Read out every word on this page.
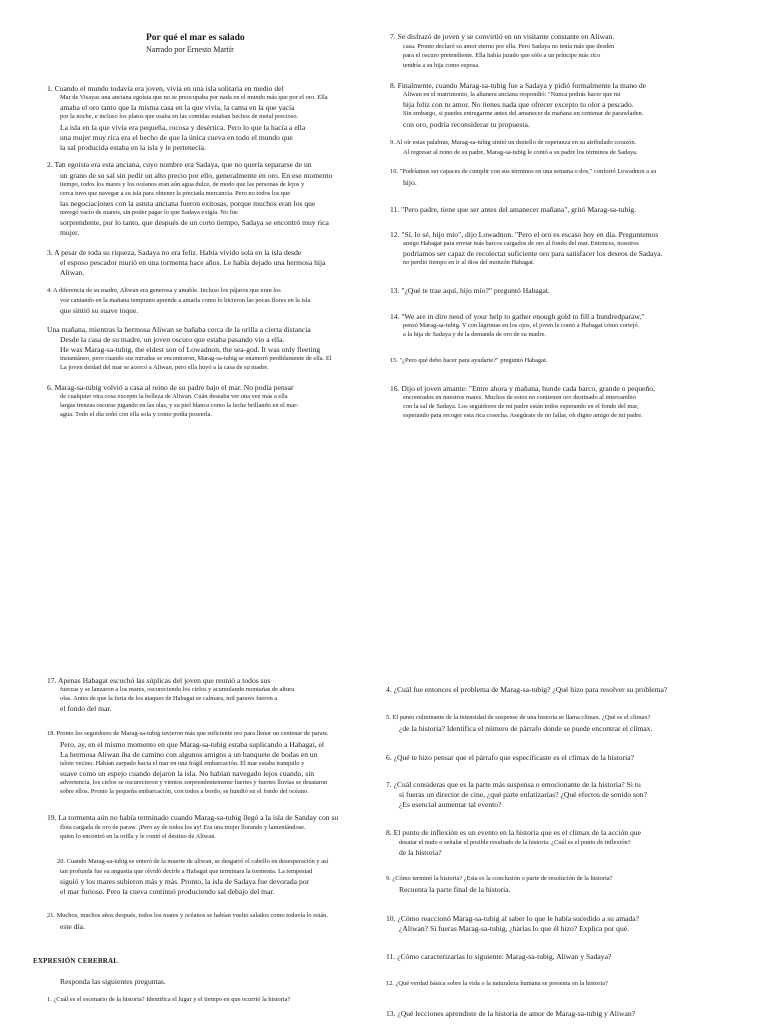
Por qué el mar es salado
Narrado por Ernesto Martír
1. Cuando el mundo todavía era joven, vivía en una isla solitaria en medio del
Mar de Visayas una anciana egoísta que no se preocupaba por nada en el mundo más que por el oro. Ella
amaba el oro tanto que la misma casa en la que vivía, la cama en la que yacía
por la noche, e incluso los platos que usaba en las comidas estaban hechos de metal precioso.
La isla en la que vivía era pequeña, rocosa y desértica. Pero lo que la hacía a ella
una mujer muy rica era el hecho de que la única cueva en todo el mundo que
la sal producida estaba en la isla y le pertenecía.
2. Tan egoísta era esta anciana, cuyo nombre era Sadaya, que no quería separarse de un
un grano de su sal sin pedir un alto precio por ello, generalmente en oro. En ese momento
tiempo, todos los mares y los océanos eran aún agua dulce, de modo que las personas de lejos y
cerca tuvo que navegar a su isla para obtener la preciada mercancía. Pero no todos los que
las negociaciones con la astuta anciana fueron exitosas, porque muchos eran los que
navegó vacío de manos, sin poder pagar lo que Sadaya exigía. No fue
sorprendente, por lo tanto, que después de un corto tiempo, Sadaya se encontró muy rica
mujer.
3. A pesar de toda su riqueza, Sadaya no era feliz. Había vivido sola en la isla desde
el esposo pescador murió en una tormenta hace años. Le había dejado una hermosa hija
Aliwan.
4. A diferencia de su madre, Aliwan era generosa y amable. Incluso los pájaros que eran los
voz cantando en la mañana temprano aprende a amarla como lo hicieron las pocas flores en la isla
que sintió su suave toque.
Una mañana, mientras la hermosa Aliwan se bañaba cerca de la orilla a cierta distancia
Desde la casa de su madre, un joven oscuro que estaba pasando vio a ella.
He was Marag-sa-tubig, the eldest son of Lowadnon, the sea-god. It was only fleeting
instantáneo, pero cuando sus miradas se encontraron, Marag-sa-tubig se enamoró perdidamente de ella. El
La joven deidad del mar se acercó a Aliwan, pero ella huyó a la casa de su madre.
6. Marag-sa-tubig volvió a casa al reino de su padre bajo el mar. No podía pensar
de cualquier otra cosa excepto la belleza de Aliwan. Cuán deseaba ver una vez más a ella
largas trenzas oscuras jugando en las olas, y su piel blanca como la leche brillando en el mar-
agua. Todo el día soñó con ella sola y como podía poseerla.
7. Se disfrazó de joven y se convirtió en un visitante constante en Aliwan.
casa. Pronto declaró su amor eterno por ella. Pero Sadaya no tenía más que desdén
para el oscuro pretendiente. Ella había jurado que sólo a un príncipe más rico
tendría a su hija como esposa.
8. Finalmente, cuando Marag-sa-tubig fue a Sadaya y pidió formalmente la mano de
Aliwan en el matrimonio, la altanera anciana respondió: "Nunca podrás hacer que mi
hija feliz con tu amor. No tienes nada que ofrecer excepto tu olor a pescado.
Sin embargo, si puedes entregarme antes del amanecer de mañana un centenar de parawladen.
con oro, podría reconsiderar tu propuesta.
9. Al oír estas palabras, Marag-sa-tubig sintió un destello de esperanza en su atribulado corazón.
Al regresar al reino de su padre, Marag-sa-tubig le contó a su padre los términos de Sadaya.
10. "Podríamos ser capaces de cumplir con sus términos en una semana o dos," confortó Lowadnon a su
hijo.
11. "Pero padre, tiene que ser antes del amanecer mañana", gritó Marag-sa-tubig.
12. "Sí, lo sé, hijo mío", dijo Lowadnon. "Pero el oro es escaso hoy en día. Preguntemos
amigo Habagat para enviar más barcos cargados de oro al fondo del mar. Entonces, nosotros
podríamos ser capaz de recolectar suficiente oro para satisfacer los deseos de Sadaya.
no perdió tiempo en ir al dios del monzón Habagat.
13. "¿Qué te trae aquí, hijo mío?" preguntó Habagat.
14. "We are in dire need of your help to gather enough gold to fill a hundredparaw,"
pensó Marag-sa-tubig. Y con lágrimas en los ojos, el joven le contó a Habagat cómo cortejó.
a la hija de Sadaya y de la demanda de oro de su madre.
15. "¿Pero qué debo hacer para ayudarte?" preguntó Habagat.
16. Dijo el joven amante: "Entre ahora y mañana, hunde cada barco, grande o pequeño,
encontrados en nuestros mares. Muchos de estos no contienen oro destinado al intercambio
con la sal de Sadaya. Los seguidores de mi padre están todos esperando en el fondo del mar,
esperando para recoger esta rica cosecha. Asegúrate de no fallar, oh digno amigo de mi padre.
17. Apenas Habagat escuchó las súplicas del joven que reunió a todos sus
fuerzas y se lanzaron a los mares, oscureciendo los cielos y acumulando montañas de altura
olas. Antes de que la furia de los ataques de Habagat se calmara, mil paraws fueron a
el fondo del mar.
18. Pronto los seguidores de Marag-sa-tubig tuvieron más que suficiente oro para llenar un centenar de paraw.
Pero, ay, en el mismo momento en que Marag-sa-tubig estaba suplicando a Habagat, el
La hermosa Aliwan iba de camino con algunos amigos a un banquete de bodas en un
islote vecino. Habían zarpado hacia el mar en una frágil embarcación. El mar estaba tranquilo y
suave como un espejo cuando dejaron la isla. No habían navegado lejos cuando, sin
advertencia, los cielos se oscurecieron y vientos sorprendentemente fuertes y fuertes lluvias se desataron
sobre ellos. Pronto la pequeña embarcación, con todos a bordo, se hundió en el fondo del océano.
19. La tormenta aún no había terminado cuando Marag-sa-tubig llegó a la isla de Sanday con su
flota cargada de oro de paraw. ¡Pero ay de todos los ay! Era una mujer llorando y lamentándose.
quien lo encontró en la orilla y le contó el destino de Aliwan.
20. Cuando Marag-sa-tubig se enteró de la muerte de aliwan, se desgarró el cabello en desesperación y así
tan profunda fue su angustia que olvidó decirle a Habagat que terminara la tormenta. La tempestad
siguió y los mares subieron más y más. Pronto, la isla de Sadaya fue devorada por
el mar furioso. Pero la cueva continuó produciendo sal debajo del mar.
21. Muchos, muchos años después, todos los mares y océanos se habían vuelto salados como todavía lo están.
este día.
EXPRESIÓN CEREBRAL
Responda las siguientes preguntas.
1. ¿Cuál es el escenario de la historia? Identifica el lugar y el tiempo en que ocurrió la historia?
4. ¿Cuál fue entonces el problema de Marag-sa-tubig? ¿Qué hizo para resolver su problema?
5. El punto culminante de la intensidad de suspense de una historia se llama clímax. ¿Qué es el clímax?
¿de la historia? Identifica el número de párrafo donde se puede encontrar el clímax.
6. ¿Qué te hizo pensar que el párrafo que especificaste es el clímax de la historia?
7. ¿Cuál consideras que es la parte más suspensa o emocionante de la historia? Si tu
si fueras un director de cine, ¿qué parte enfatizarías? ¿Qué efectos de sonido son?
¿Es esencial aumentar tal evento?
8. El punto de inflexión es un evento en la historia que es el clímax de la acción que
desatar el nudo o señalar el posible resultado de la historia. ¿Cuál es el punto de inflexión?
de la historia?
9. ¿Cómo terminó la historia? ¿Esta es la conclusión o parte de resolución de la historia?
Recuenta la parte final de la historia.
10. ¿Cómo reaccionó Marag-sa-tubig al saber lo que le había sucedido a su amada?
¿Aliwan? Si fueras Marag-sa-tubig, ¿harías lo que él hizo? Explica por qué.
11. ¿Cómo caracterizarías lo siguiente: Marag-sa-tubig, Aliwan y Sadaya?
12. ¿Qué verdad básica sobre la vida o la naturaleza humana se presenta en la historia?
13. ¿Qué lecciones aprendiste de la historia de amor de Marag-sa-tubig y Aliwan?
